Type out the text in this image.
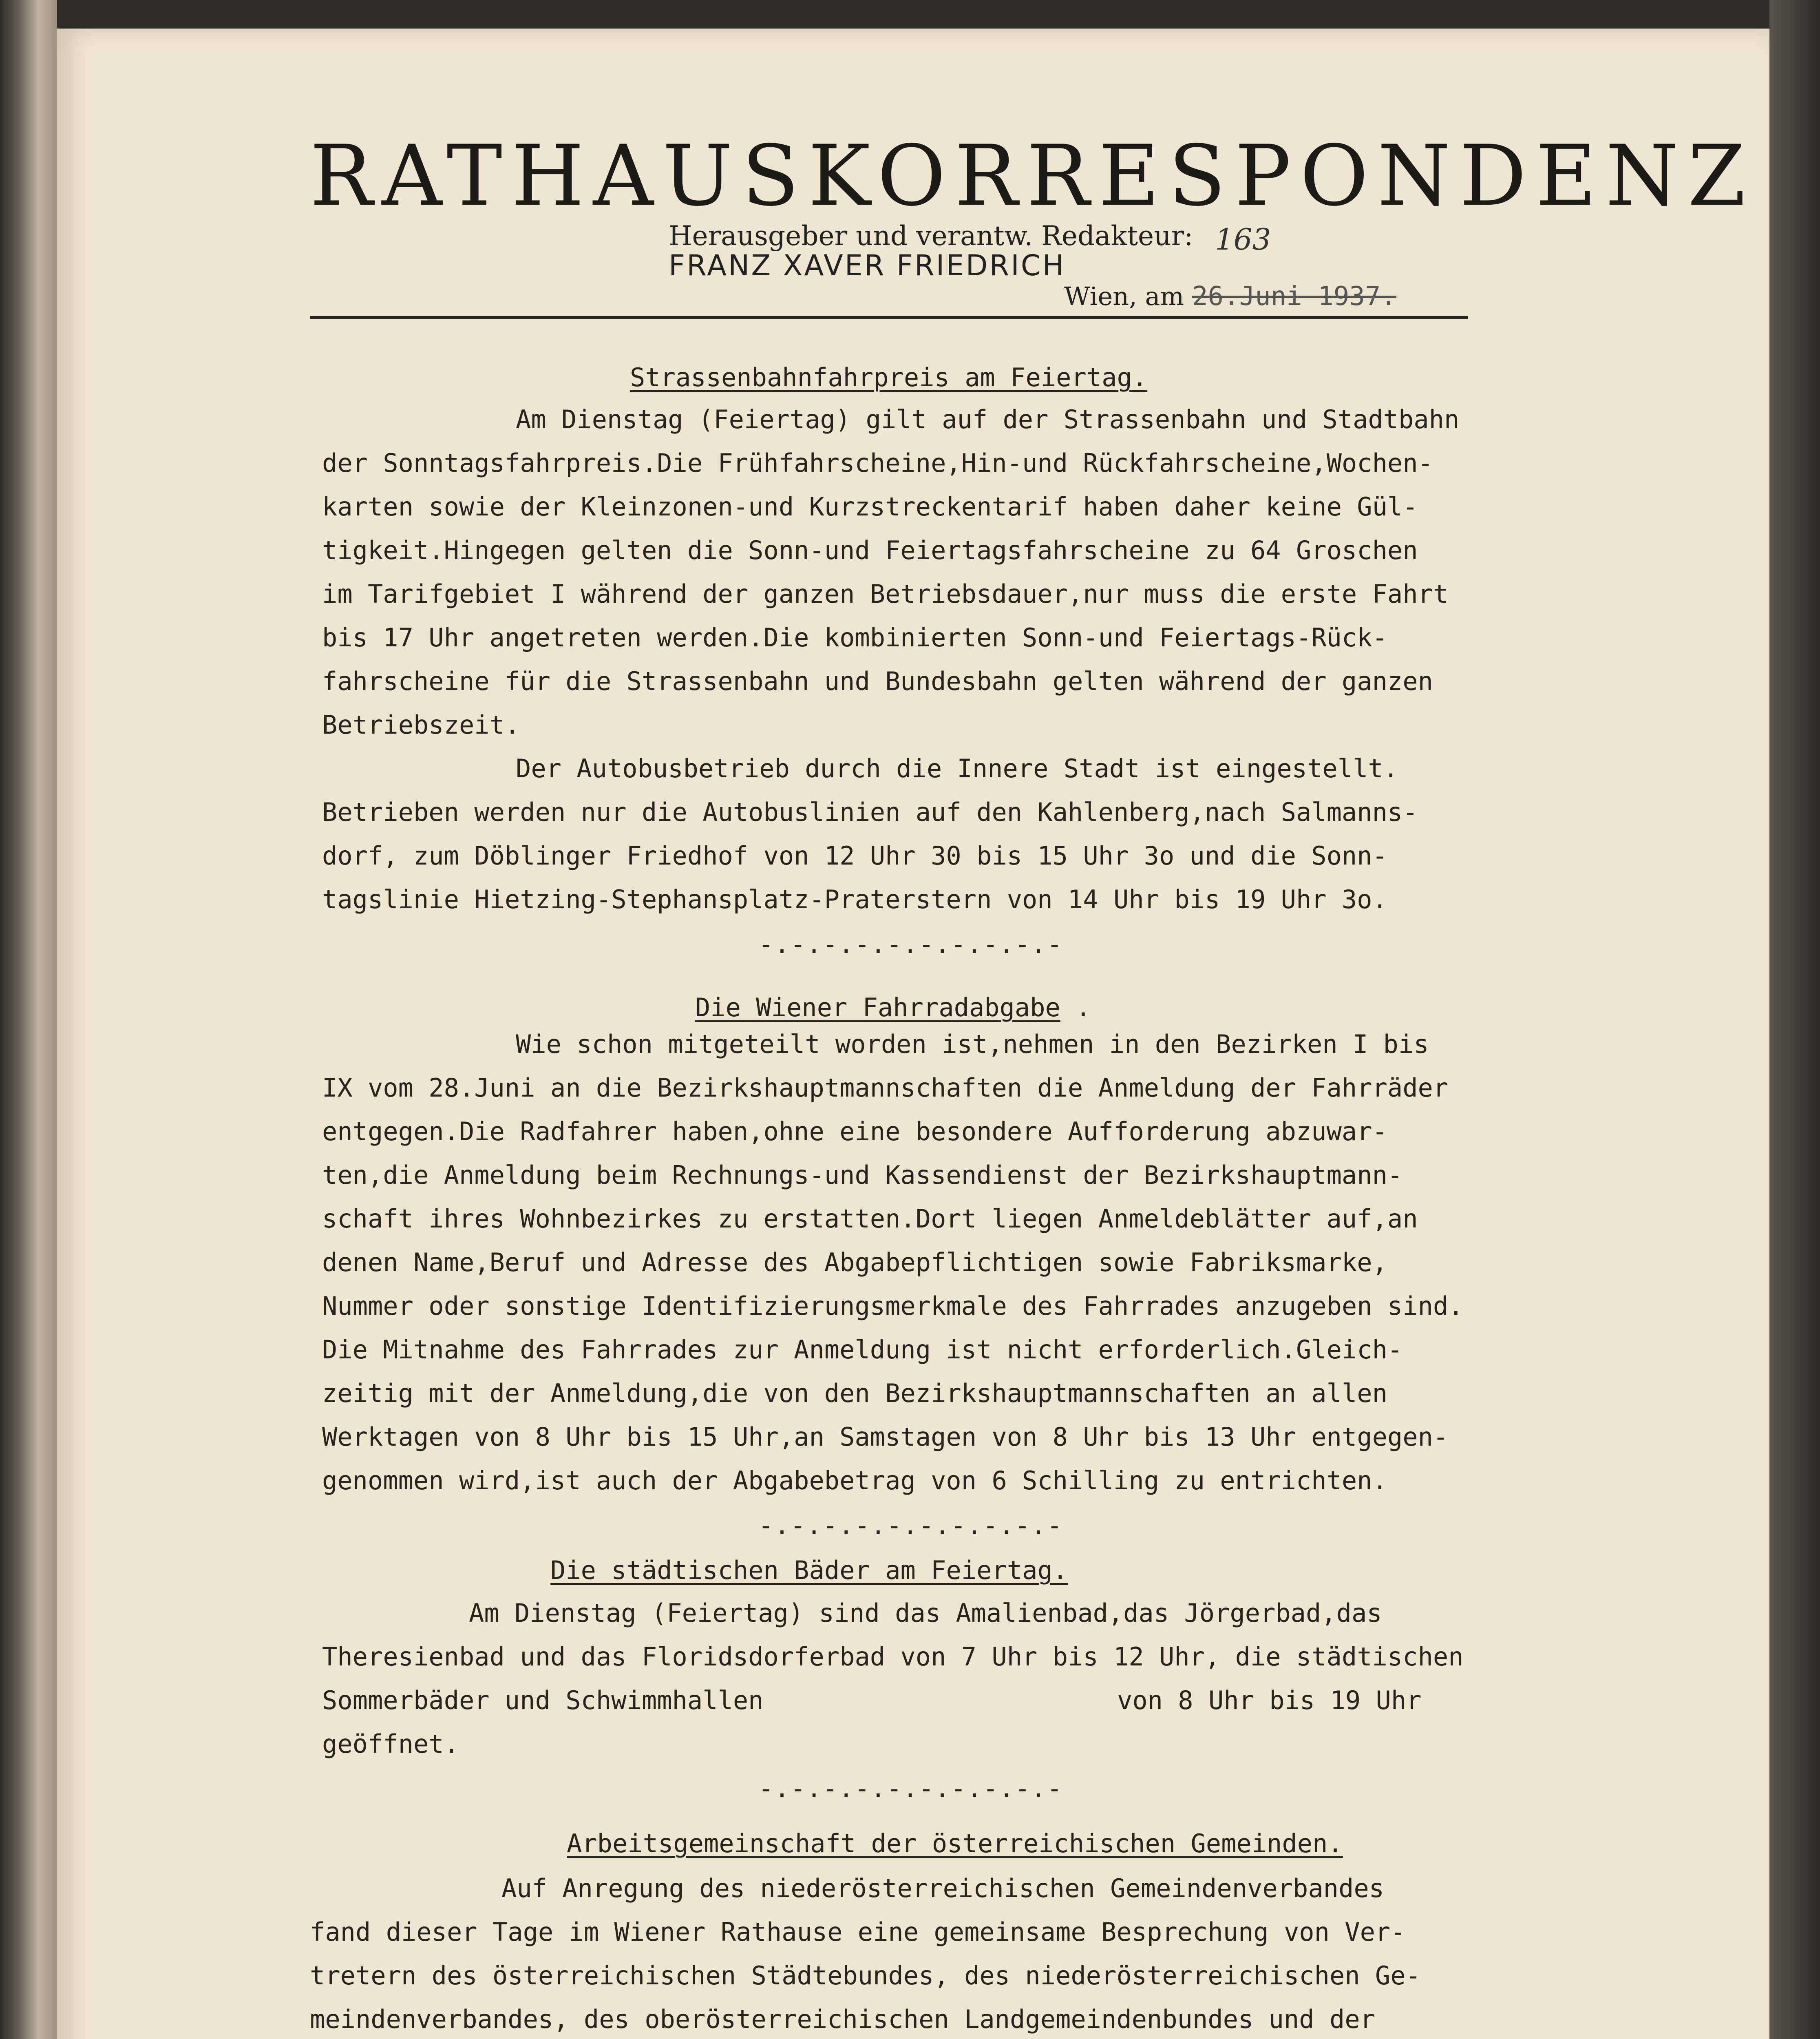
RATHAUSKORRESPONDENZ
Herausgeber und verantw. Redakteur: 163
FRANZ XAVER FRIEDRICH
Wien, am 26.Juni 1937.
Strassenbahnfahrpreis am Feiertag.
Am Dienstag (Feiertag) gilt auf der Strassenbahn und Stadtbahn
der Sonntagsfahrpreis.Die Frühfahrscheine,Hin-und Rückfahrscheine,Wochen-
karten sowie der Kleinzonen-und Kurzstreckentarif haben daher keine Gül-
tigkeit.Hingegen gelten die Sonn-und Feiertagsfahrscheine zu 64 Groschen
im Tarifgebiet I während der ganzen Betriebsdauer,nur muss die erste Fahrt
bis 17 Uhr angetreten werden.Die kombinierten Sonn-und Feiertags-Rück-
fahrscheine für die Strassenbahn und Bundesbahn gelten während der ganzen
Betriebszeit.
Der Autobusbetrieb durch die Innere Stadt ist eingestellt.
Betrieben werden nur die Autobuslinien auf den Kahlenberg,nach Salmanns-
dorf, zum Döblinger Friedhof von 12 Uhr 30 bis 15 Uhr 3o und die Sonn-
tagslinie Hietzing-Stephansplatz-Praterstern von 14 Uhr bis 19 Uhr 3o.
-.-.-.-.-.-.-.-.-.-
Die Wiener Fahrradabgabe .
Wie schon mitgeteilt worden ist,nehmen in den Bezirken I bis
IX vom 28.Juni an die Bezirkshauptmannschaften die Anmeldung der Fahrräder
entgegen.Die Radfahrer haben,ohne eine besondere Aufforderung abzuwar-
ten,die Anmeldung beim Rechnungs-und Kassendienst der Bezirkshauptmann-
schaft ihres Wohnbezirkes zu erstatten.Dort liegen Anmeldeblätter auf,an
denen Name,Beruf und Adresse des Abgabepflichtigen sowie Fabriksmarke,
Nummer oder sonstige Identifizierungsmerkmale des Fahrrades anzugeben sind.
Die Mitnahme des Fahrrades zur Anmeldung ist nicht erforderlich.Gleich-
zeitig mit der Anmeldung,die von den Bezirkshauptmannschaften an allen
Werktagen von 8 Uhr bis 15 Uhr,an Samstagen von 8 Uhr bis 13 Uhr entgegen-
genommen wird,ist auch der Abgabebetrag von 6 Schilling zu entrichten.
-.-.-.-.-.-.-.-.-.-
Die städtischen Bäder am Feiertag.
Am Dienstag (Feiertag) sind das Amalienbad,das Jörgerbad,das
Theresienbad und das Floridsdorferbad von 7 Uhr bis 12 Uhr, die städtischen
Sommerbäder und Schwimmhallen	von 8 Uhr bis 19 Uhr
geöffnet.
-.-.-.-.-.-.-.-.-.-
Arbeitsgemeinschaft der österreichischen Gemeinden.
Auf Anregung des niederösterreichischen Gemeindenverbandes
fand dieser Tage im Wiener Rathause eine gemeinsame Besprechung von Ver-
tretern des österreichischen Städtebundes, des niederösterreichischen Ge-
meindenverbandes, des oberösterreichischen Landgemeindenbundes und der
